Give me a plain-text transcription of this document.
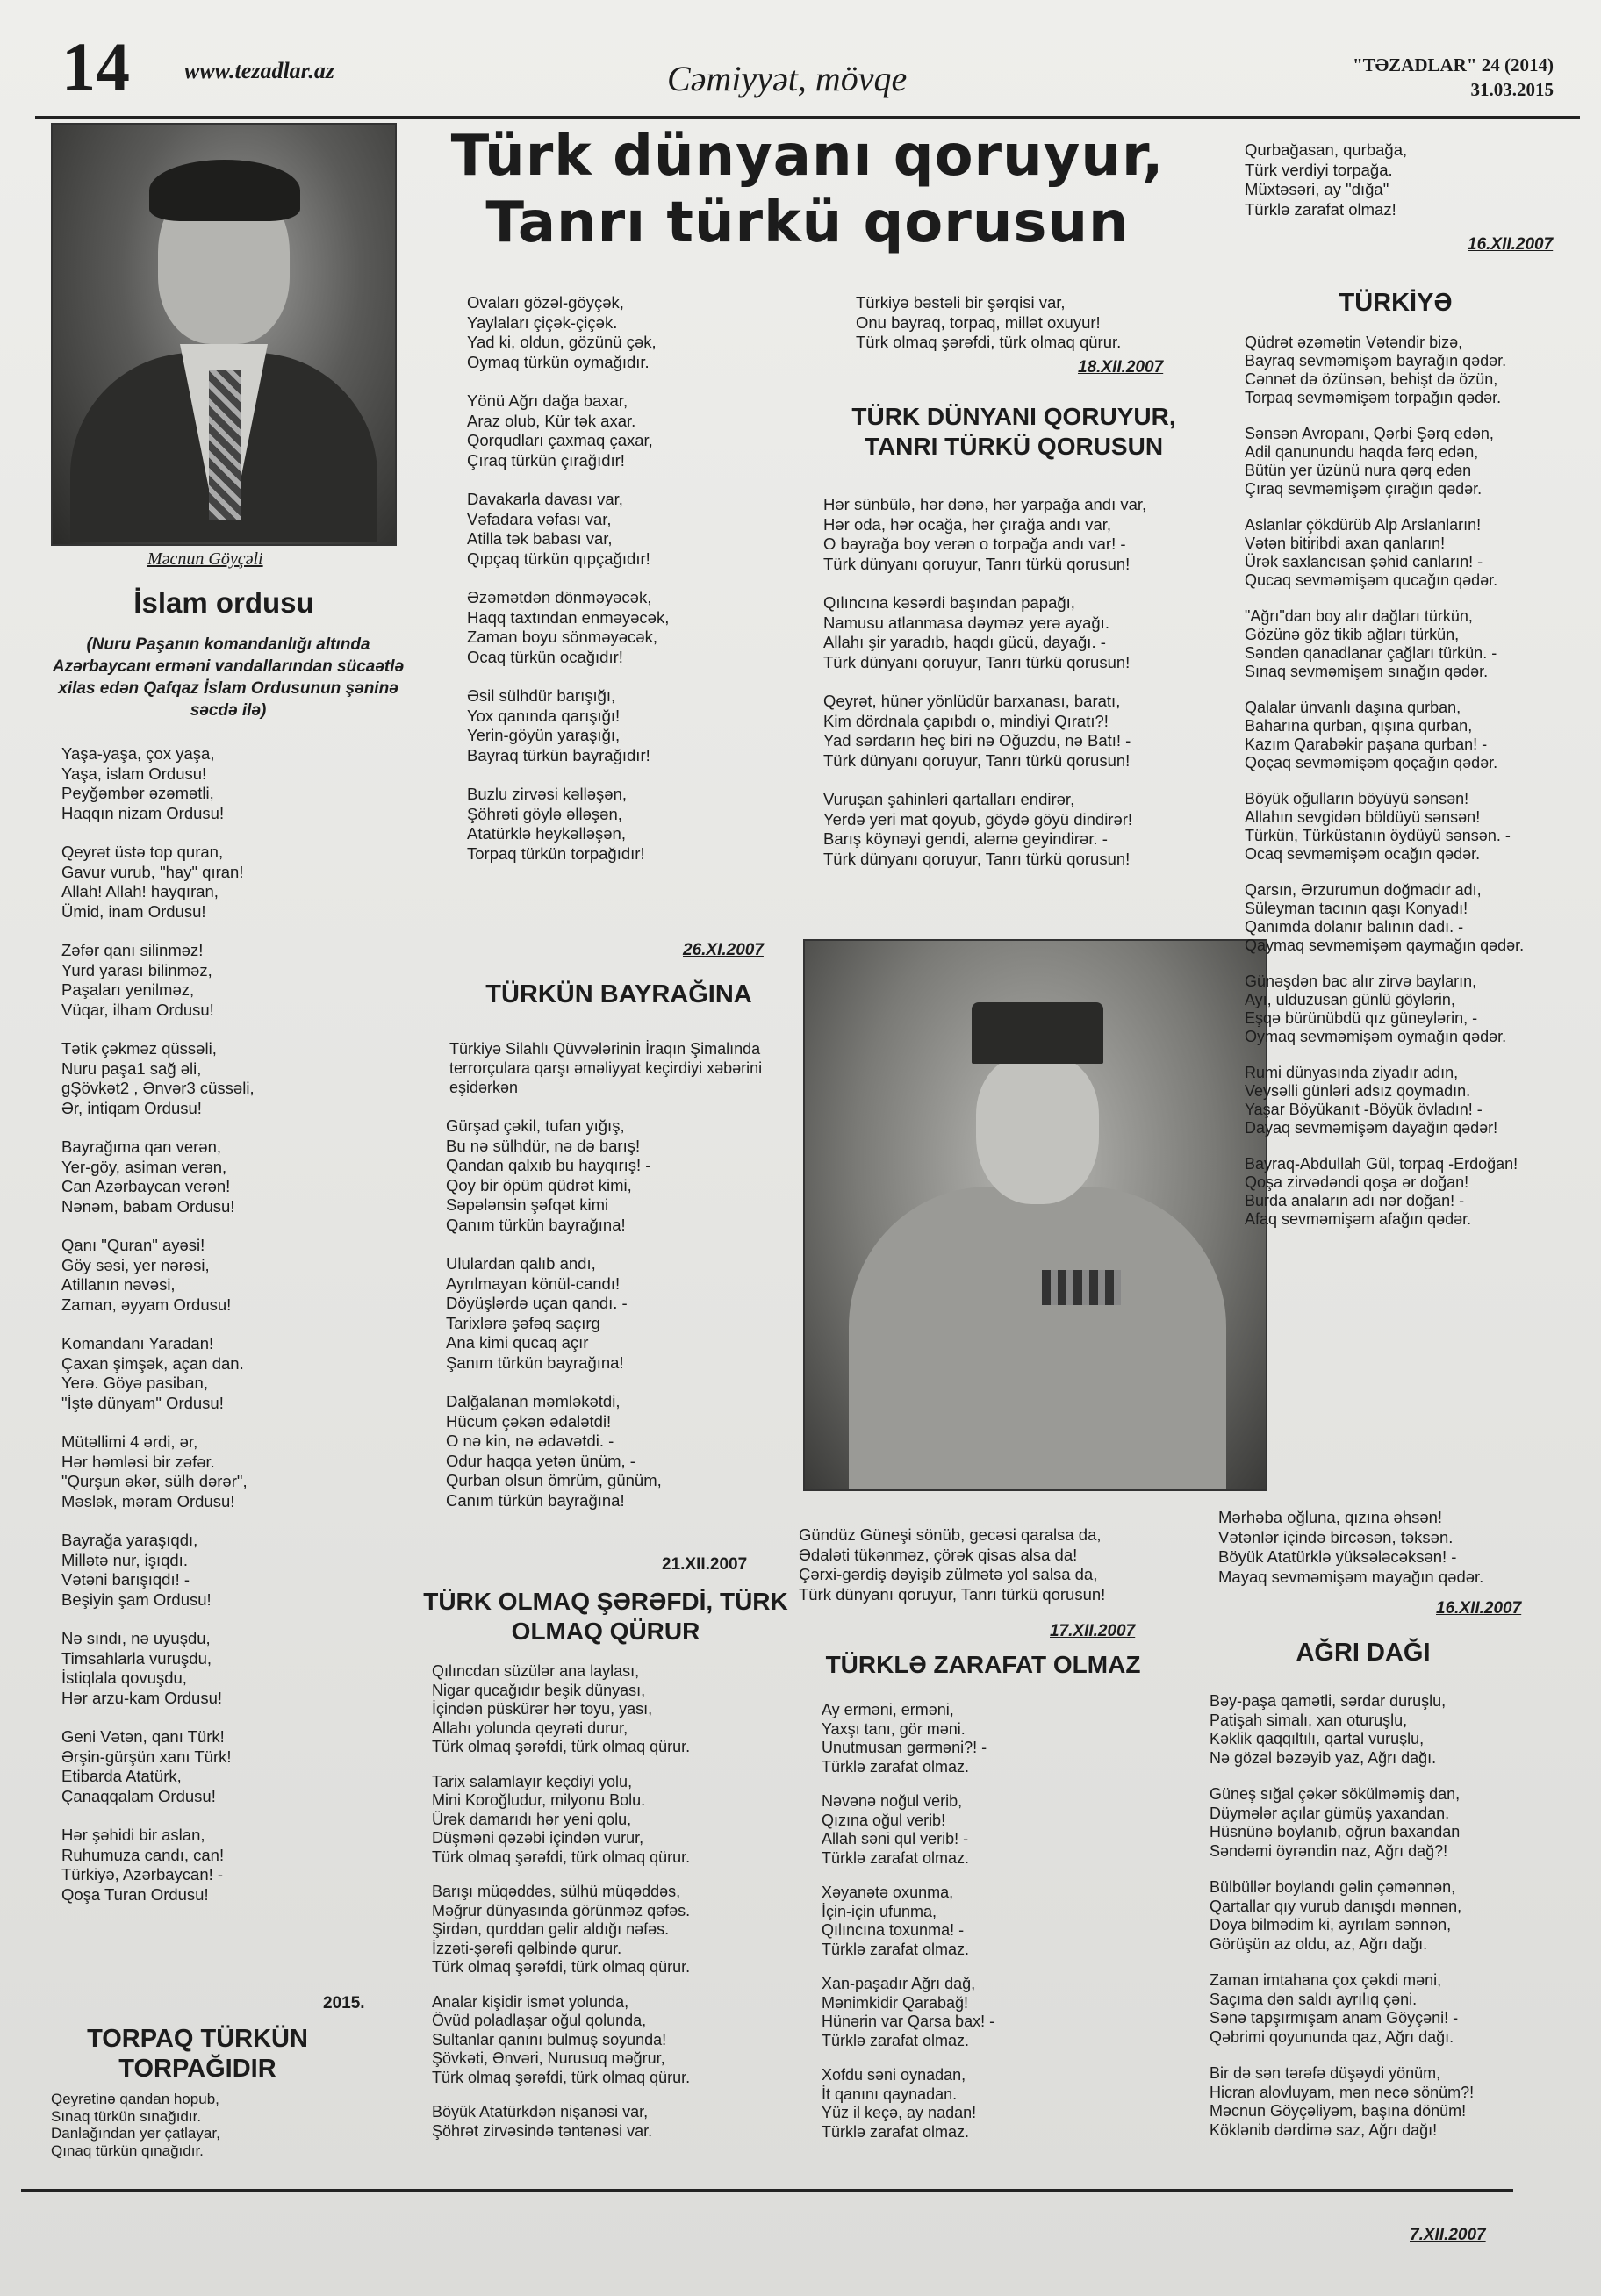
14 www.tezadlar.az	Cəmiyyət, mövqe	"TƏZADLAR" 24 (2014)
31.03.2015
Məcnun Göyçəli
Türk dünyanı qoruyur,
Tanrı türkü qorusun
İslam ordusu
(Nuru Paşanın komandanlığı altında Azərbaycanı erməni vandallarından sücaətlə xilas edən Qafqaz İslam Ordusunun şəninə səcdə ilə)
Yaşa-yaşa, çox yaşa,
Yaşa, islam Ordusu!
Peyğəmbər əzəmətli,
Haqqın nizam Ordusu!
Qeyrət üstə top quran,
Gavur vurub, "hay" qıran!
Allah! Allah! hayqıran,
Ümid, inam Ordusu!
Zəfər qanı silinməz!
Yurd yarası bilinməz,
Paşaları yenilməz,
Vüqar, ilham Ordusu!
Tətik çəkməz qüssəli,
Nuru paşa1 sağ əli,
gŞövkət2 , Ənvər3 cüssəli,
Ər, intiqam Ordusu!
Bayrağıma qan verən,
Yer-göy, asiman verən,
Can Azərbaycan verən!
Nənəm, babam Ordusu!
Qanı "Quran" ayəsi!
Göy səsi, yer nərəsi,
Atillanın nəvəsi,
Zaman, əyyam Ordusu!
Komandanı Yaradan!
Çaxan şimşək, açan dan.
Yerə. Göyə pasiban,
"İştə dünyam" Ordusu!
Mütəllimi 4 ərdi, ər,
Hər həmləsi bir zəfər.
"Qurşun əkər, sülh dərər",
Məslək, məram Ordusu!
Bayrağa yaraşıqdı,
Millətə nur, işıqdı.
Vətəni barışıqdı! -
Beşiyin şam Ordusu!
Nə sındı, nə uyuşdu,
Timsahlarla vuruşdu,
İstiqlala qovuşdu,
Hər arzu-kam Ordusu!
Geni Vətən, qanı Türk!
Ərşin-gürşün xanı Türk!
Etibarda Atatürk,
Çanaqqalam Ordusu!
Hər şəhidi bir aslan,
Ruhumuza candı, can!
Türkiyə, Azərbaycan! -
Qoşa Turan Ordusu!
2015.
TORPAQ TÜRKÜN TORPAĞIDIR
Qeyrətinə qandan hopub,
Sınaq türkün sınağıdır.
Danlağından yer çatlayar,
Qınaq türkün qınağıdır.
Ovaları gözəl-göyçək,
Yaylaları çiçək-çiçək.
Yad ki, oldun, gözünü çək,
Oymaq türkün oymağıdır.
Yönü Ağrı dağa baxar,
Araz olub, Kür tək axar.
Qorqudları çaxmaq çaxar,
Çıraq türkün çırağıdır!
Davakarla davası var,
Vəfadara vəfası var,
Atilla tək babası var,
Qıpçaq türkün qıpçağıdır!
Əzəmətdən dönməyəcək,
Haqq taxtından enməyəcək,
Zaman boyu sönməyəcək,
Ocaq türkün ocağıdır!
Əsil sülhdür barışığı,
Yox qanında qarışığı!
Yerin-göyün yaraşığı,
Bayraq türkün bayrağıdır!
Buzlu zirvəsi kəlləşən,
Şöhrəti göylə əlləşən,
Atatürklə heykəlləşən,
Torpaq türkün torpağıdır!
26.XI.2007
TÜRKÜN BAYRAĞINA
Türkiyə Silahlı Qüvvələrinin İraqın Şimalında terrorçulara qarşı əməliyyat keçirdiyi xəbərini eşidərkən
Gürşad çəkil, tufan yığış,
Bu nə sülhdür, nə də barış!
Qandan qalxıb bu hayqırış! -
Qoy bir öpüm qüdrət kimi,
Səpələnsin şəfqət kimi
Qanım türkün bayrağına!
Ululardan qalıb andı,
Ayrılmayan könül-candı!
Döyüşlərdə uçan qandı. -
Tarixlərə şəfəq saçırg
Ana kimi qucaq açır
Şanım türkün bayrağına!
Dalğalanan məmləkətdi,
Hücum çəkən ədalətdi!
O nə kin, nə ədavətdi. -
Odur haqqa yetən ünüm, -
Qurban olsun ömrüm, günüm,
Canım türkün bayrağına!
21.XII.2007
TÜRK OLMAQ ŞƏRƏFDİ, TÜRK OLMAQ QÜRUR
Qılıncdan süzülər ana laylası,
Nigar qucağıdır beşik dünyası,
İçindən püskürər hər toyu, yası,
Allahı yolunda qeyrəti durur,
Türk olmaq şərəfdi, türk olmaq qürur.
Tarix salamlayır keçdiyi yolu,
Mini Koroğludur, milyonu Bolu.
Ürək damarıdı hər yeni qolu,
Düşməni qəzəbi içindən vurur,
Türk olmaq şərəfdi, türk olmaq qürur.
Barışı müqəddəs, sülhü müqəddəs,
Məğrur dünyasında görünməz qəfəs.
Şirdən, qurddan gəlir aldığı nəfəs.
İzzəti-şərəfi qəlbində qurur.
Türk olmaq şərəfdi, türk olmaq qürur.
Analar kişidir ismət yolunda,
Övüd poladlaşar oğul qolunda,
Sultanlar qanını bulmuş soyunda!
Şövkəti, Ənvəri, Nurusuq məğrur,
Türk olmaq şərəfdi, türk olmaq qürur.
Böyük Atatürkdən nişanəsi var,
Şöhrət zirvəsində təntənəsi var.
Türkiyə bəstəli bir şərqisi var,
Onu bayraq, torpaq, millət oxuyur!
Türk olmaq şərəfdi, türk olmaq qürur.
18.XII.2007
TÜRK DÜNYANI QORUYUR, TANRI TÜRKÜ QORUSUN
Hər sünbülə, hər dənə, hər yarpağa andı var,
Hər oda, hər ocağa, hər çırağa andı var,
O bayrağa boy verən o torpağa andı var! -
Türk dünyanı qoruyur, Tanrı türkü qorusun!
Qılıncına kəsərdi başından papağı,
Namusu atlanmasa dəyməz yerə ayağı.
Allahı şir yaradıb, haqdı gücü, dayağı. -
Türk dünyanı qoruyur, Tanrı türkü qorusun!
Qeyrət, hünər yönlüdür barxanası, baratı,
Kim dördnala çapıbdı o, mindiyi Qıratı?!
Yad sərdarın heç biri nə Oğuzdu, nə Batı! -
Türk dünyanı qoruyur, Tanrı türkü qorusun!
Vuruşan şahinləri qartalları endirər,
Yerdə yeri mat qoyub, göydə göyü dindirər!
Barış köynəyi gendi, aləmə geyindirər. -
Türk dünyanı qoruyur, Tanrı türkü qorusun!
Gündüz Güneşi sönüb, gecəsi qaralsa da,
Ədaləti tükənməz, çörək qisas alsa da!
Çərxi-gərdiş dəyişib zülmətə yol salsa da,
Türk dünyanı qoruyur, Tanrı türkü qorusun!
17.XII.2007
TÜRKLƏ ZARAFAT OLMAZ
Ay erməni, erməni,
Yaxşı tanı, gör məni.
Unutmusan gərməni?! -
Türklə zarafat olmaz.
Nəvənə noğul verib,
Qızına oğul verib!
Allah səni qul verib! -
Türklə zarafat olmaz.
Xəyanətə oxunma,
İçin-için ufunma,
Qılıncına toxunma! -
Türklə zarafat olmaz.
Xan-paşadır Ağrı dağ,
Mənimkidir Qarabağ!
Hünərin var Qarsa bax! -
Türklə zarafat olmaz.
Xofdu səni oynadan,
İt qanını qaynadan.
Yüz il keçə, ay nadan!
Türklə zarafat olmaz.
Qurbağasan, qurbağa,
Türk verdiyi torpağa.
Müxtəsəri, ay "dığa"
Türklə zarafat olmaz!
16.XII.2007
TÜRKİYƏ
Qüdrət əzəmətin Vətəndir bizə,
Bayraq sevməmişəm bayrağın qədər.
Cənnət də özünsən, behişt də özün,
Torpaq sevməmişəm torpağın qədər.
Sənsən Avropanı, Qərbi Şərq edən,
Adil qanunundu haqda fərq edən,
Bütün yer üzünü nura qərq edən
Çıraq sevməmişəm çırağın qədər.
Aslanlar çökdürüb Alp Arslanların!
Vətən bitiribdi axan qanların!
Ürək saxlancısan şəhid canların! -
Qucaq sevməmişəm qucağın qədər.
"Ağrı"dan boy alır dağları türkün,
Gözünə göz tikib ağları türkün,
Səndən qanadlanar çağları türkün. -
Sınaq sevməmişəm sınağın qədər.
Qalalar ünvanlı daşına qurban,
Baharına qurban, qışına qurban,
Kazım Qarabəkir paşana qurban! -
Qoçaq sevməmişəm qoçağın qədər.
Böyük oğulların böyüyü sənsən!
Allahın sevgidən böldüyü sənsən!
Türkün, Türküstanın öydüyü sənsən. -
Ocaq sevməmişəm ocağın qədər.
Qarsın, Ərzurumun doğmadır adı,
Süleyman tacının qaşı Konyadı!
Qanımda dolanır balının dadı. -
Qaymaq sevməmişəm qaymağın qədər.
Günəşdən bac alır zirvə bayların,
Ayı, ulduzusan günlü göylərin,
Eşqə bürünübdü qız güneylərin, -
Oymaq sevməmişəm oymağın qədər.
Rumi dünyasında ziyadır adın,
Veysəlli günləri adsız qoymadın.
Yaşar Böyükanıt -Böyük övladın! -
Dayaq sevməmişəm dayağın qədər!
Bayraq-Abdullah Gül, torpaq -Erdoğan!
Qoşa zirvədəndi qoşa ər doğan!
Burda anaların adı nər doğan! -
Afaq sevməmişəm afağın qədər.
Mərhəba oğluna, qızına əhsən!
Vətənlər içində bircəsən, təksən.
Böyük Atatürklə yüksələcəksən! -
Mayaq sevməmişəm mayağın qədər.
16.XII.2007
AĞRI DAĞI
Bəy-paşa qamətli, sərdar duruşlu,
Patişah simalı, xan oturuşlu,
Kəklik qaqqıltılı, qartal vuruşlu,
Nə gözəl bəzəyib yaz, Ağrı dağı.
Güneş sığal çəkər sökülməmiş dan,
Düymələr açılar gümüş yaxandan.
Hüsnünə boylanıb, oğrun baxandan
Səndəmi öyrəndin naz, Ağrı dağ?!
Bülbüllər boylandı gəlin çəmənnən,
Qartallar qıy vurub danışdı mənnən,
Doya bilmədim ki, ayrılam sənnən,
Görüşün az oldu, az, Ağrı dağı.
Zaman imtahana çox çəkdi məni,
Saçıma dən saldı ayrılıq çəni.
Sənə tapşırmışam anam Göyçəni! -
Qəbrimi qoyununda qaz, Ağrı dağı.
Bir də sən tərəfə düşəydi yönüm,
Hicran alovluyam, mən necə sönüm?!
Məcnun Göyçəliyəm, başına dönüm!
Köklənib dərdimə saz, Ağrı dağı!
7.XII.2007
